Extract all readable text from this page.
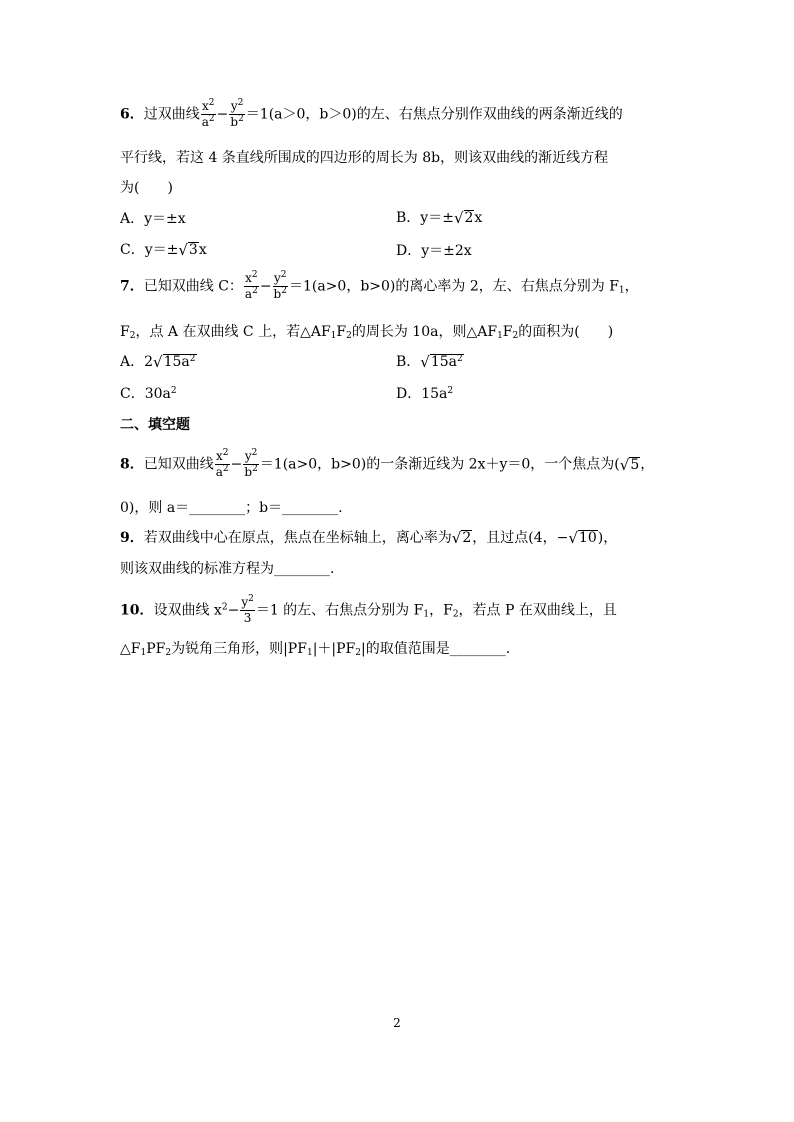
6．过双曲线 $\frac{x^2}{a^2} - \frac{y^2}{b^2} =1(a>0$，b＞0)的左、右焦点分别作双曲线的两条渐近线的
平行线，若这 4 条直线所围成的四边形的周长为 8b，则该双曲线的渐近线方程
为(　　)
A．y＝±x	B．y＝±√2x
C．y＝±√3x	D．y＝±2x
7．已知双曲线 C： $\frac{x^2}{a^2} - \frac{y^2}{b^2} =1(a>0$，b>0)的离心率为 2，左、右焦点分别为 $F_1$，
$F_2$，点 A 在双曲线 C 上，若$\triangle AF_1F_2$的周长为 10a，则$\triangle AF_1F_2$的面积为(　　)
A．$2√15a^2$	B．$√15a^2$
C．$30a^2$	D．$15a^2$
二、填空题
8．已知双曲线 $\frac{x^2}{a^2} - \frac{y^2}{b^2} =1(a>0$，b>0)的一条渐近线为 2x＋y＝0，一个焦点为(√5，
0)，则 a＝________；b＝________.
9．若双曲线中心在原点，焦点在坐标轴上，离心率为√2，且过点(4，−√10)，
则该双曲线的标准方程为________.
10．设双曲线 $x^2- \frac{y^2}{3} =1$ 的左、右焦点分别为 $F_1$，$F_2$，若点 P 在双曲线上，且
$\triangle F_1PF_2$为锐角三角形，则$|PF_1|+|PF_2|$的取值范围是________.
2
